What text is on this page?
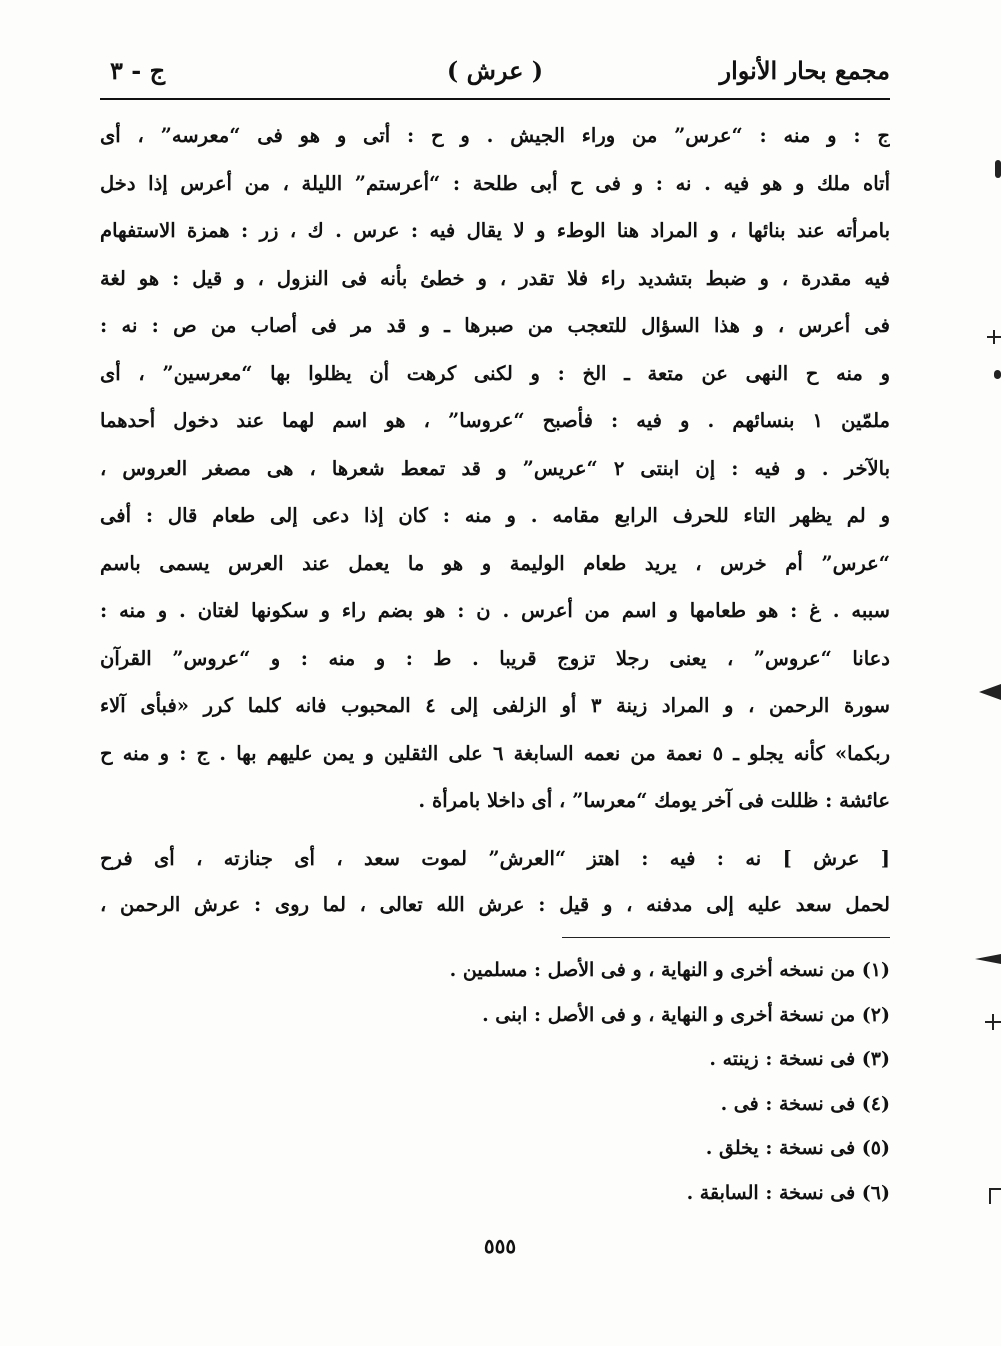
مجمع بحار الأنوار
( عرش )
ج - ٣
ج : و منه : “عرس” من وراء الجيش . و ح : أتى و هو فى “معرسه” ، أى
أتاه ملك و هو فيه . نه : و فى ح أبى طلحة : “أعرستم” الليلة ، من أعرس إذا دخل
بامرأته عند بنائها ، و المراد هنا الوطء و لا يقال فيه : عرس . ك ، زر : همزة الاستفهام
فيه مقدرة ، و ضبط بتشديد راء فلا تقدر ، و خطئ بأنه فى النزول ، و قيل : هو لغة
فى أعرس ، و هذا السؤال للتعجب من صبرها ـ و قد مر فى أصاب من ص : نه :
و منه ح النهى عن متعة ـ الخ : و لكنى كرهت أن يظلوا بها “معرسين” ، أى
ملمّين ١ بنسائهم . و فيه : فأصبح “عروسا” ، هو اسم لهما عند دخول أحدهما
بالآخر . و فيه : إن ابنتى ٢ “عريس” و قد تمعط شعرها ، هى مصغر العروس ،
و لم يظهر التاء للحرف الرابع مقامه . و منه : كان إذا دعى إلى طعام قال : أفى
“عرس” أم خرس ، يريد طعام الوليمة و هو ما يعمل عند العرس يسمى باسم
سببه . غ : هو طعامها و اسم من أعرس . ن : هو بضم راء و سكونها لغتان . و منه :
دعانا “عروس” ، يعنى رجلا تزوج قريبا . ط : و منه : و “عروس” القرآن
سورة الرحمن ، و المراد زينة ٣ أو الزلفى إلى ٤ المحبوب فانه كلما كرر «فبأى آلاء
ربكما» كأنه يجلو ـ ٥ نعمة من نعمه السابغة ٦ على الثقلين و يمن عليهم بها . ج : و منه ح
عائشة : ظللت فى آخر يومك “معرسا” ، أى داخلا بامرأة .
[ عرش ] نه : فيه : اهتز “العرش” لموت سعد ، أى جنازته ، أى فرح
لحمل سعد عليه إلى مدفنه ، و قيل : عرش الله تعالى ، لما روى : عرش الرحمن ،
(١) من نسخه أخرى و النهاية ، و فى الأصل : مسلمين .
(٢) من نسخة أخرى و النهاية ، و فى الأصل : ابنى .
(٣) فى نسخة : زينته .
(٤) فى نسخة : فى .
(٥) فى نسخة : يخلق .
(٦) فى نسخة : السابقة .
٥٥٥
